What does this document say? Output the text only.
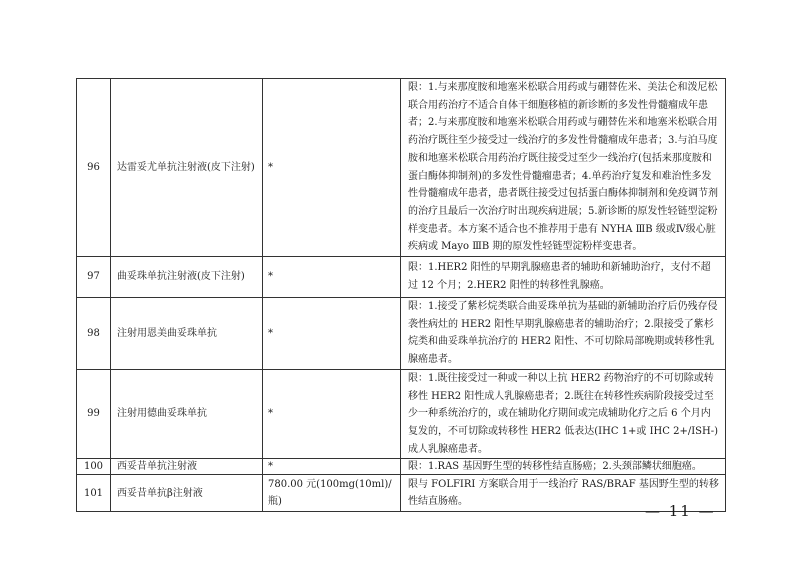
96	达雷妥尤单抗注射液(皮下注射)	*	限：1.与来那度胺和地塞米松联合用药或与硼替佐米、美法仑和泼尼松联合用药治疗不适合自体干细胞移植的新诊断的多发性骨髓瘤成年患者；2.与来那度胺和地塞米松联合用药或与硼替佐米和地塞米松联合用药治疗既往至少接受过一线治疗的多发性骨髓瘤成年患者；3.与泊马度胺和地塞米松联合用药治疗既往接受过至少一线治疗(包括来那度胺和蛋白酶体抑制剂)的多发性骨髓瘤患者；4.单药治疗复发和难治性多发性骨髓瘤成年患者，患者既往接受过包括蛋白酶体抑制剂和免疫调节剂的治疗且最后一次治疗时出现疾病进展；5.新诊断的原发性轻链型淀粉样变患者。本方案不适合也不推荐用于患有 NYHA ⅢB 级或Ⅳ级心脏疾病或 Mayo ⅢB 期的原发性轻链型淀粉样变患者。
97	曲妥珠单抗注射液(皮下注射)	*	限：1.HER2 阳性的早期乳腺癌患者的辅助和新辅助治疗，支付不超过 12 个月；2.HER2 阳性的转移性乳腺癌。
98	注射用恩美曲妥珠单抗	*	限：1.接受了紫杉烷类联合曲妥珠单抗为基础的新辅助治疗后仍残存侵袭性病灶的 HER2 阳性早期乳腺癌患者的辅助治疗；2.限接受了紫杉烷类和曲妥珠单抗治疗的 HER2 阳性、不可切除局部晚期或转移性乳腺癌患者。
99	注射用德曲妥珠单抗	*	限：1.既往接受过一种或一种以上抗 HER2 药物治疗的不可切除或转移性 HER2 阳性成人乳腺癌患者；2.既往在转移性疾病阶段接受过至少一种系统治疗的，或在辅助化疗期间或完成辅助化疗之后 6 个月内复发的，不可切除或转移性 HER2 低表达(IHC 1+或 IHC 2+/ISH-)成人乳腺癌患者。
100	西妥昔单抗注射液	*	限：1.RAS 基因野生型的转移性结直肠癌；2.头颈部鳞状细胞癌。
101	西妥昔单抗β注射液	780.00 元(100mg(10ml)/瓶)	限与 FOLFIRI 方案联合用于一线治疗 RAS/BRAF 基因野生型的转移性结直肠癌。
— 11 —
